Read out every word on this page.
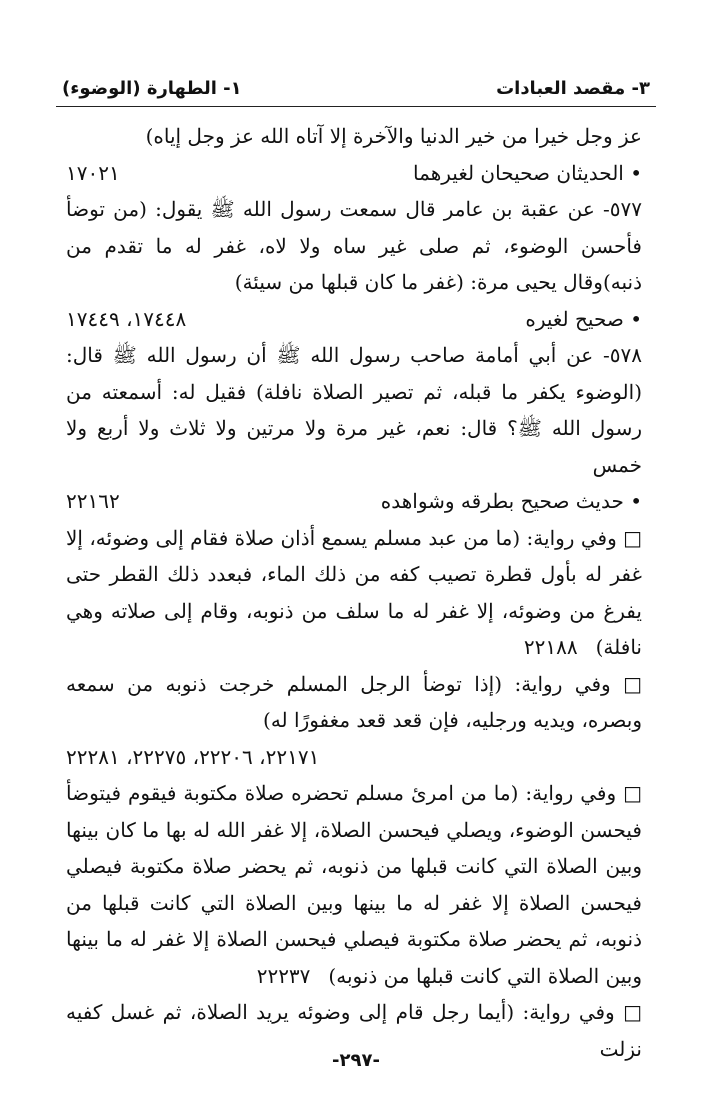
٣- مقصد العبادات
١- الطهارة (الوضوء)

عز وجل خيرا من خير الدنيا والآخرة إلا آتاه الله عز وجل إياه)

• الحديثان صحيحان لغيرهما
١٧٠٢١

٥٧٧- عن عقبة بن عامر قال سمعت رسول الله ﷺ يقول: (من توضأ فأحسن الوضوء، ثم صلى غير ساه ولا لاه، غفر له ما تقدم من ذنبه)وقال يحيى مرة: (غفر ما كان قبلها من سيئة)

• صحيح لغيره
١٧٤٤٨، ١٧٤٤٩

٥٧٨- عن أبي أمامة صاحب رسول الله ﷺ أن رسول الله ﷺ قال: (الوضوء يكفر ما قبله، ثم تصير الصلاة نافلة) فقيل له: أسمعته من رسول الله ﷺ؟ قال: نعم، غير مرة ولا مرتين ولا ثلاث ولا أربع ولا خمس

• حديث صحيح بطرقه وشواهده
٢٢١٦٢

□ وفي رواية: (ما من عبد مسلم يسمع أذان صلاة فقام إلى وضوئه، إلا غفر له بأول قطرة تصيب كفه من ذلك الماء، فبعدد ذلك القطر حتى يفرغ من وضوئه، إلا غفر له ما سلف من ذنوبه، وقام إلى صلاته وهي نافلة)٢٢١٨٨

□ وفي رواية: (إذا توضأ الرجل المسلم خرجت ذنوبه من سمعه وبصره، ويديه ورجليه، فإن قعد قعد مغفورًا له)

٢٢١٧١، ٢٢٢٠٦، ٢٢٢٧٥، ٢٢٢٨١

□ وفي رواية: (ما من امرئ مسلم تحضره صلاة مكتوبة فيقوم فيتوضأ فيحسن الوضوء، ويصلي فيحسن الصلاة، إلا غفر الله له بها ما كان بينها وبين الصلاة التي كانت قبلها من ذنوبه، ثم يحضر صلاة مكتوبة فيصلي فيحسن الصلاة إلا غفر له ما بينها وبين الصلاة التي كانت قبلها من ذنوبه، ثم يحضر صلاة مكتوبة فيصلي فيحسن الصلاة إلا غفر له ما بينها وبين الصلاة التي كانت قبلها من ذنوبه)٢٢٢٣٧

□ وفي رواية: (أيما رجل قام إلى وضوئه يريد الصلاة، ثم غسل كفيه نزلت

-٢٩٧-
